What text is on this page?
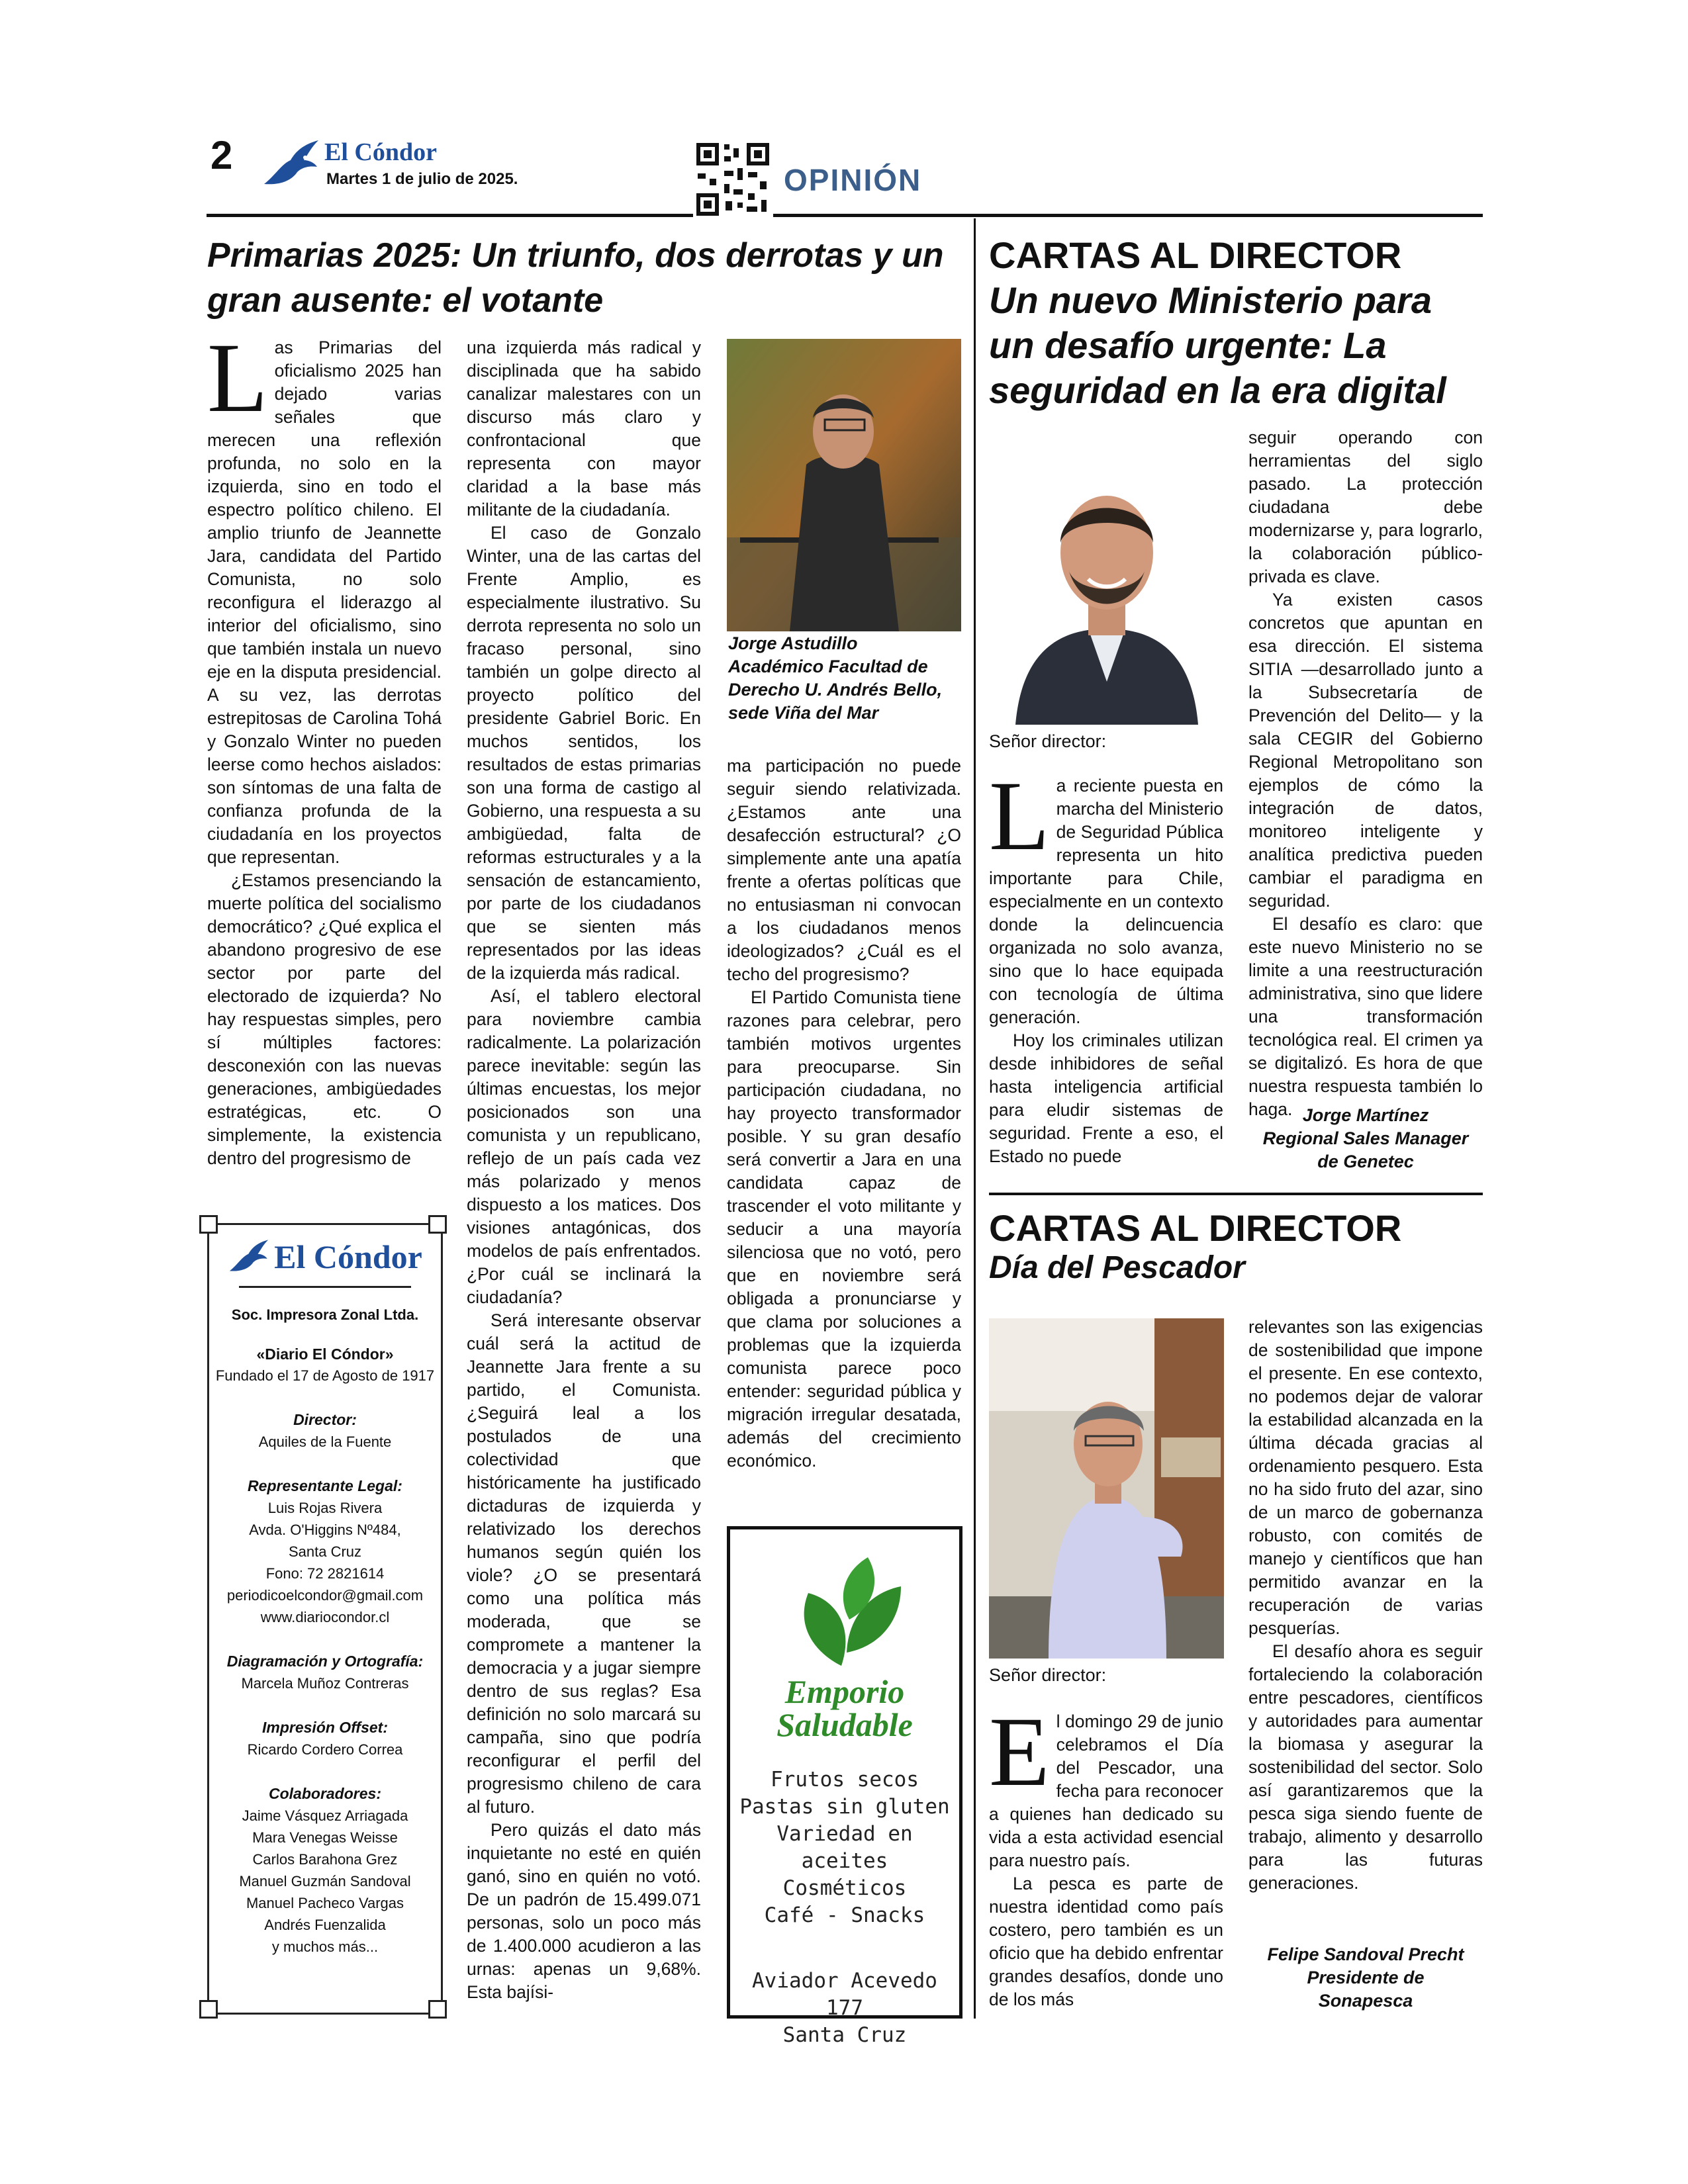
2	El Cóndor
Martes 1 de julio de 2025.	OPINIÓN
Primarias 2025: Un triunfo, dos derrotas y un gran ausente: el votante
L as Primarias del oficialismo 2025 han dejado varias señales que merecen una reflexión profunda, no solo en la izquierda, sino en todo el espectro político chileno. El amplio triunfo de Jeannette Jara, candidata del Partido Comunista, no solo reconfigura el liderazgo al interior del oficialismo, sino que también instala un nuevo eje en la disputa presidencial. A su vez, las derrotas estrepitosas de Carolina Tohá y Gonzalo Winter no pueden leerse como hechos aislados: son síntomas de una falta de confianza profunda de la ciudadanía en los proyectos que representan.

¿Estamos presenciando la muerte política del socialismo democrático? ¿Qué explica el abandono progresivo de ese sector por parte del electorado de izquierda? No hay respuestas simples, pero sí múltiples factores: desconexión con las nuevas generaciones, ambigüedades estratégicas, etc. O simplemente, la existencia dentro del progresismo de

una izquierda más radical y disciplinada que ha sabido canalizar malestares con un discurso más claro y confrontacional que representa con mayor claridad a la base más militante de la ciudadanía.

El caso de Gonzalo Winter, una de las cartas del Frente Amplio, es especialmente ilustrativo. Su derrota representa no solo un fracaso personal, sino también un golpe directo al proyecto político del presidente Gabriel Boric. En muchos sentidos, los resultados de estas primarias son una forma de castigo al Gobierno, una respuesta a su ambigüedad, falta de reformas estructurales y a la sensación de estancamiento, por parte de los ciudadanos que se sienten más representados por las ideas de la izquierda más radical.

Así, el tablero electoral para noviembre cambia radicalmente. La polarización parece inevitable: según las últimas encuestas, los mejor posicionados son una comunista y un republicano, reflejo de un país cada vez más polarizado y menos dispuesto a los matices. Dos visiones antagónicas, dos modelos de país enfrentados. ¿Por cuál se inclinará la ciudadanía?

Será interesante observar cuál será la actitud de Jeannette Jara frente a su partido, el Comunista. ¿Seguirá leal a los postulados de una colectividad que históricamente ha justificado dictaduras de izquierda y relativizado los derechos humanos según quién los viole? ¿O se presentará como una política más moderada, que se compromete a mantener la democracia y a jugar siempre dentro de sus reglas? Esa definición no solo marcará su campaña, sino que podría reconfigurar el perfil del progresismo chileno de cara al futuro.

Pero quizás el dato más inquietante no esté en quién ganó, sino en quién no votó. De un padrón de 15.499.071 personas, solo un poco más de 1.400.000 acudieron a las urnas: apenas un 9,68%. Esta bajísi-

Jorge Astudillo
Académico Facultad de
Derecho U. Andrés Bello,
sede Viña del Mar

ma participación no puede seguir siendo relativizada. ¿Estamos ante una desafección estructural? ¿O simplemente ante una apatía frente a ofertas políticas que no entusiasman ni convocan a los ciudadanos menos ideologizados? ¿Cuál es el techo del progresismo?

El Partido Comunista tiene razones para celebrar, pero también motivos urgentes para preocuparse. Sin participación ciudadana, no hay proyecto transformador posible. Y su gran desafío será convertir a Jara en una candidata capaz de trascender el voto militante y seducir a una mayoría silenciosa que no votó, pero que en noviembre será obligada a pronunciarse y que clama por soluciones a problemas que la izquierda comunista parece poco entender: seguridad pública y migración irregular desatada, además del crecimiento económico.

El Cóndor
Soc. Impresora Zonal Ltda.
«Diario El Cóndor»
Fundado el 17 de Agosto de 1917
Director:
Aquiles de la Fuente
Representante Legal:
Luis Rojas Rivera
Avda. O'Higgins Nº484,
Santa Cruz
Fono: 72 2821614
periodicoelcondor@gmail.com
www.diariocondor.cl
Diagramación y Ortografía:
Marcela Muñoz Contreras
Impresión Offset:
Ricardo Cordero Correa
Colaboradores:
Jaime Vásquez Arriagada
Mara Venegas Weisse
Carlos Barahona Grez
Manuel Guzmán Sandoval
Manuel Pacheco Vargas
Andrés Fuenzalida
y muchos más...
Emporio
Saludable
Frutos secos
Pastas sin gluten
Variedad en aceites
Cosméticos
Café - Snacks
Aviador Acevedo 177
Santa Cruz
CARTAS AL DIRECTOR
Un nuevo Ministerio para un desafío urgente: La seguridad en la era digital
Señor director:
L a reciente puesta en marcha del Ministerio de Seguridad Pública representa un hito importante para Chile, especialmente en un contexto donde la delincuencia organizada no solo avanza, sino que lo hace equipada con tecnología de última generación.

Hoy los criminales utilizan desde inhibidores de señal hasta inteligencia artificial para eludir sistemas de seguridad. Frente a eso, el Estado no puede

seguir operando con herramientas del siglo pasado. La protección ciudadana debe modernizarse y, para lograrlo, la colaboración público-privada es clave.

Ya existen casos concretos que apuntan en esa dirección. El sistema SITIA —desarrollado junto a la Subsecretaría de Prevención del Delito— y la sala CEGIR del Gobierno Regional Metropolitano son ejemplos de cómo la integración de datos, monitoreo inteligente y analítica predictiva pueden cambiar el paradigma en seguridad.

El desafío es claro: que este nuevo Ministerio no se limite a una reestructuración administrativa, sino que lidere una transformación tecnológica real. El crimen ya se digitalizó. Es hora de que nuestra respuesta también lo haga. Jorge Martínez
Regional Sales Manager
de Genetec
CARTAS AL DIRECTOR
Día del Pescador
Señor director:
E l domingo 29 de junio celebramos el Día del Pescador, una fecha para reconocer a quienes han dedicado su vida a esta actividad esencial para nuestro país.

La pesca es parte de nuestra identidad como país costero, pero también es un oficio que ha debido enfrentar grandes desafíos, donde uno de los más

relevantes son las exigencias de sostenibilidad que impone el presente. En ese contexto, no podemos dejar de valorar la estabilidad alcanzada en la última década gracias al ordenamiento pesquero. Esta no ha sido fruto del azar, sino de un marco de gobernanza robusto, con comités de manejo y científicos que han permitido avanzar en la recuperación de varias pesquerías.

El desafío ahora es seguir fortaleciendo la colaboración entre pescadores, científicos y autoridades para aumentar la biomasa y asegurar la sostenibilidad del sector. Solo así garantizaremos que la pesca siga siendo fuente de trabajo, alimento y desarrollo para las futuras generaciones.

Felipe Sandoval Precht
Presidente de
Sonapesca
